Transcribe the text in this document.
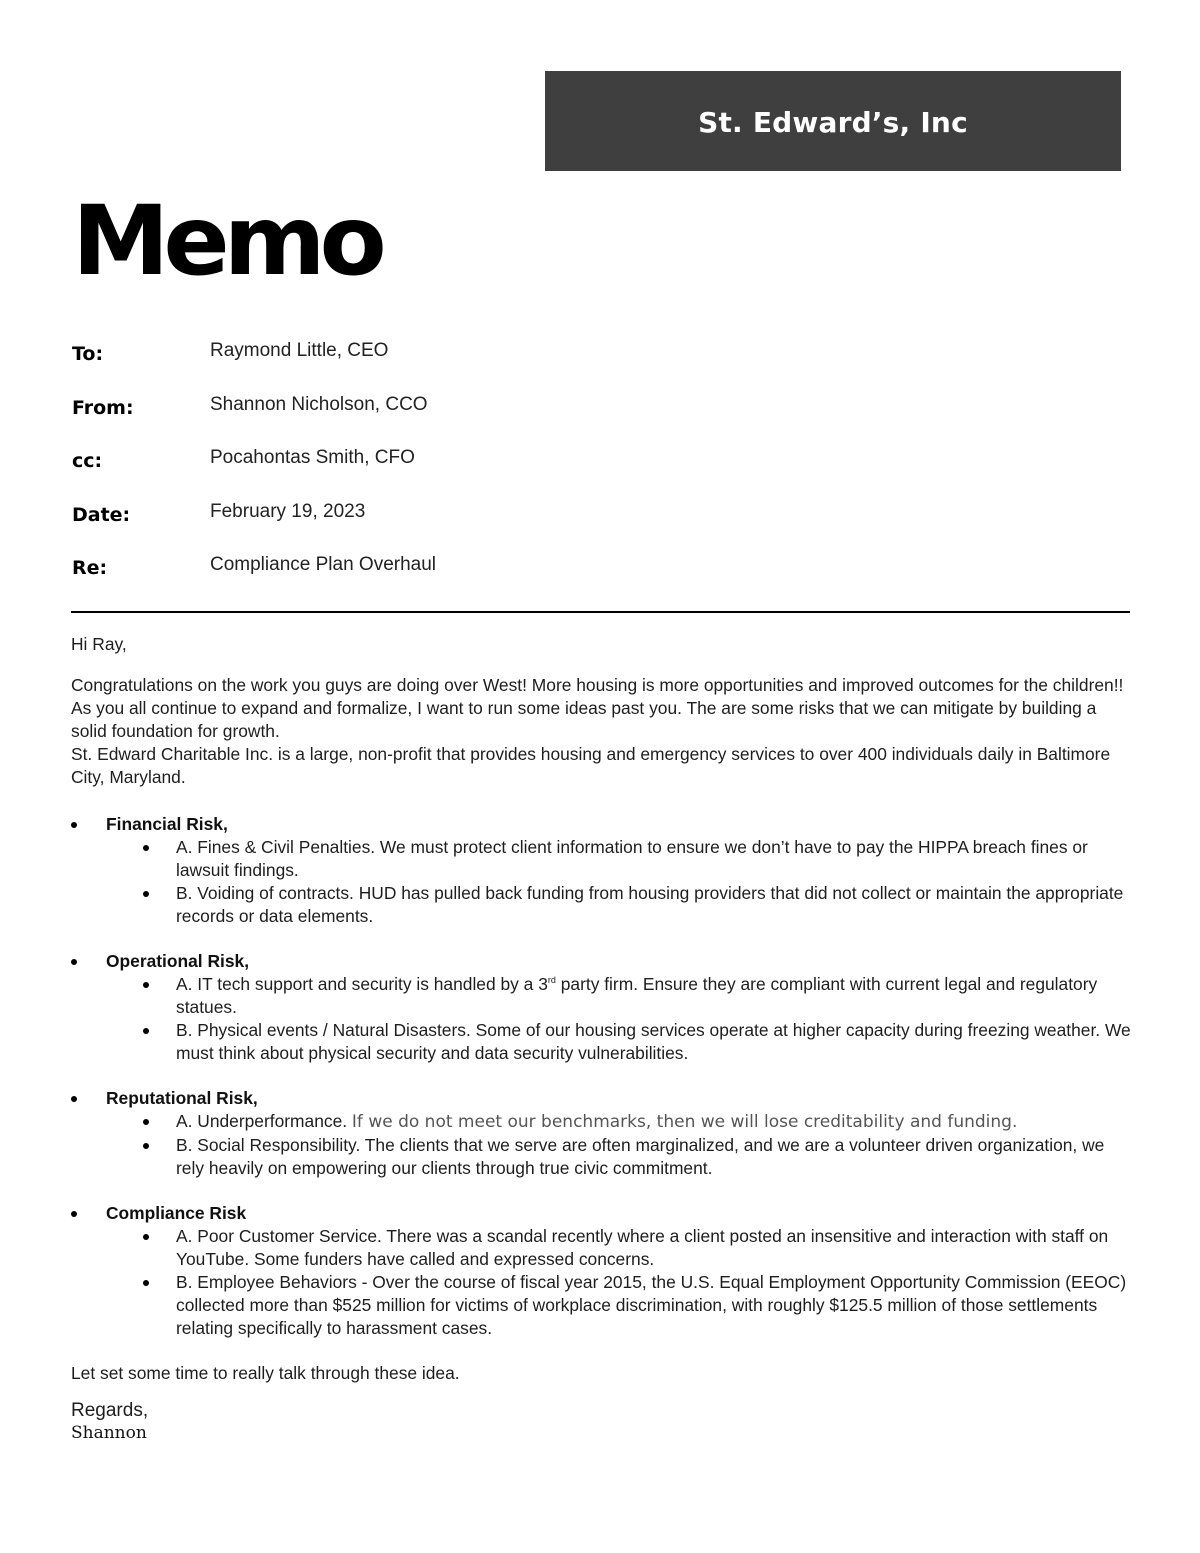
St. Edward’s, Inc
Memo
To:	Raymond Little, CEO
From:	Shannon Nicholson, CCO
cc:	Pocahontas Smith, CFO
Date:	February 19, 2023
Re:	Compliance Plan Overhaul

Hi Ray,

Congratulations on the work you guys are doing over West! More housing is more opportunities and improved outcomes for the children!! As you all continue to expand and formalize, I want to run some ideas past you. The are some risks that we can mitigate by building a solid foundation for growth.

St. Edward Charitable Inc. is a large, non-profit that provides housing and emergency services to over 400 individuals daily in Baltimore City, Maryland.

Financial Risk,
A. Fines & Civil Penalties. We must protect client information to ensure we don’t have to pay the HIPPA breach fines or lawsuit findings.
B. Voiding of contracts. HUD has pulled back funding from housing providers that did not collect or maintain the appropriate records or data elements.
Operational Risk,
A. IT tech support and security is handled by a 3rd party firm. Ensure they are compliant with current legal and regulatory statues.
B. Physical events / Natural Disasters. Some of our housing services operate at higher capacity during freezing weather. We must think about physical security and data security vulnerabilities.
Reputational Risk,
A. Underperformance. If we do not meet our benchmarks, then we will lose creditability and funding.
B. Social Responsibility. The clients that we serve are often marginalized, and we are a volunteer driven organization, we rely heavily on empowering our clients through true civic commitment.
Compliance Risk
A. Poor Customer Service. There was a scandal recently where a client posted an insensitive and interaction with staff on YouTube. Some funders have called and expressed concerns.
B. Employee Behaviors - Over the course of fiscal year 2015, the U.S. Equal Employment Opportunity Commission (EEOC) collected more than $525 million for victims of workplace discrimination, with roughly $125.5 million of those settlements relating specifically to harassment cases.

Let set some time to really talk through these idea.

Regards,

Shannon
